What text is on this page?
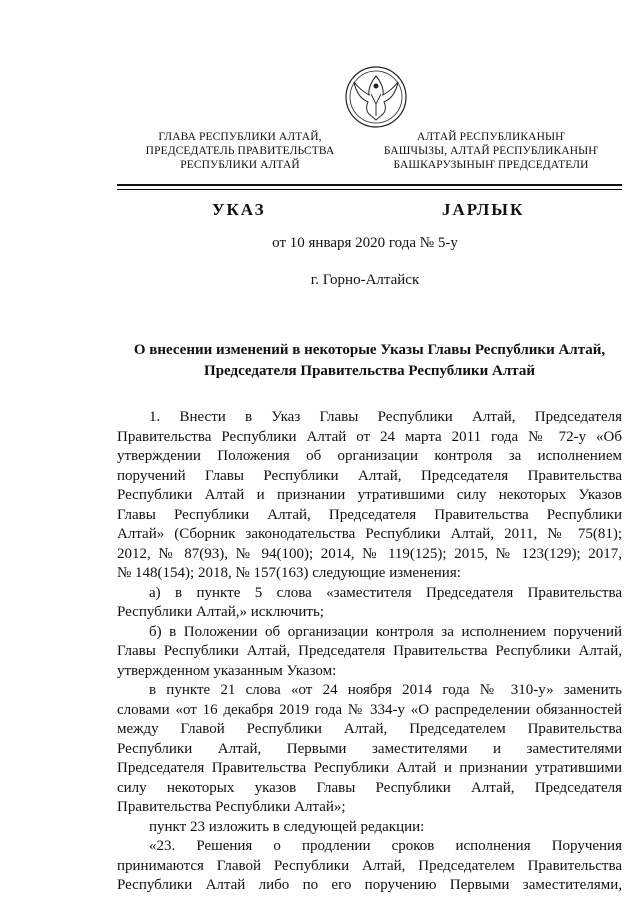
ГЛАВА РЕСПУБЛИКИ АЛТАЙ,
ПРЕДСЕДАТЕЛЬ ПРАВИТЕЛЬСТВА
РЕСПУБЛИКИ АЛТАЙ
АЛТАЙ РЕСПУБЛИКАНЫҤ
БАШЧЫЗЫ, АЛТАЙ РЕСПУБЛИКАНЫҤ
БАШКАРУЗЫНЫҤ ПРЕДСЕДАТЕЛИ
УКАЗ	ЈАРЛЫК
от 10 января 2020 года № 5-у
г. Горно-Алтайск
О внесении изменений в некоторые Указы Главы Республики Алтай,
Председателя Правительства Республики Алтай
1. Внести в Указ Главы Республики Алтай, Председателя
Правительства Республики Алтай от 24 марта 2011 года № 72-у «Об
утверждении Положения об организации контроля за исполнением
поручений Главы Республики Алтай, Председателя Правительства
Республики Алтай и признании утратившими силу некоторых Указов
Главы Республики Алтай, Председателя Правительства Республики
Алтай» (Сборник законодательства Республики Алтай, 2011, № 75(81);
2012, № 87(93), № 94(100); 2014, № 119(125); 2015, № 123(129); 2017,
№ 148(154); 2018, № 157(163) следующие изменения:
а) в пункте 5 слова «заместителя Председателя Правительства
Республики Алтай,» исключить;
б) в Положении об организации контроля за исполнением поручений
Главы Республики Алтай, Председателя Правительства Республики Алтай,
утвержденном указанным Указом:
в пункте 21 слова «от 24 ноября 2014 года № 310-у» заменить
словами «от 16 декабря 2019 года № 334-у «О распределении обязанностей
между Главой Республики Алтай, Председателем Правительства
Республики Алтай, Первыми заместителями и заместителями
Председателя Правительства Республики Алтай и признании утратившими
силу некоторых указов Главы Республики Алтай, Председателя
Правительства Республики Алтай»;
пункт 23 изложить в следующей редакции:
«23. Решения о продлении сроков исполнения Поручения
принимаются Главой Республики Алтай, Председателем Правительства
Республики Алтай либо по его поручению Первыми заместителями,
